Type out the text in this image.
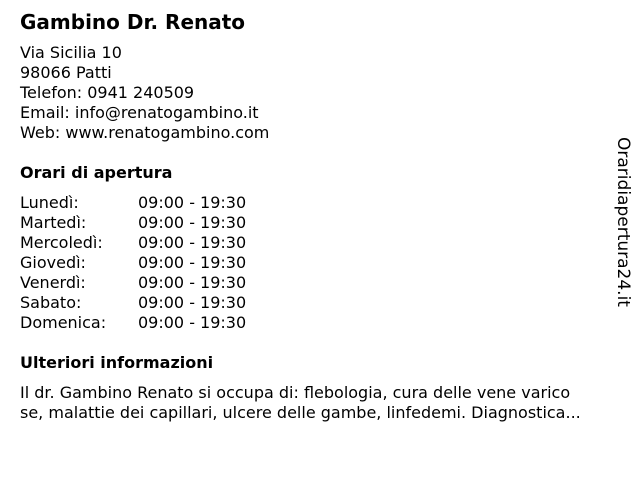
Gambino Dr. Renato
Via Sicilia 10
98066 Patti
Telefon: 0941 240509
Email: info@renatogambino.it
Web: www.renatogambino.com
Orari di apertura
Lunedì:	09:00 - 19:30
Martedì:	09:00 - 19:30
Mercoledì: 09:00 - 19:30
Giovedì:	09:00 - 19:30
Venerdì:	09:00 - 19:30
Sabato:	09:00 - 19:30
Domenica: 09:00 - 19:30
Ulteriori informazioni
Il dr. Gambino Renato si occupa di: flebologia, cura delle vene varico
se, malattie dei capillari, ulcere delle gambe, linfedemi. Diagnostica...
Oraridiapertura24.it
